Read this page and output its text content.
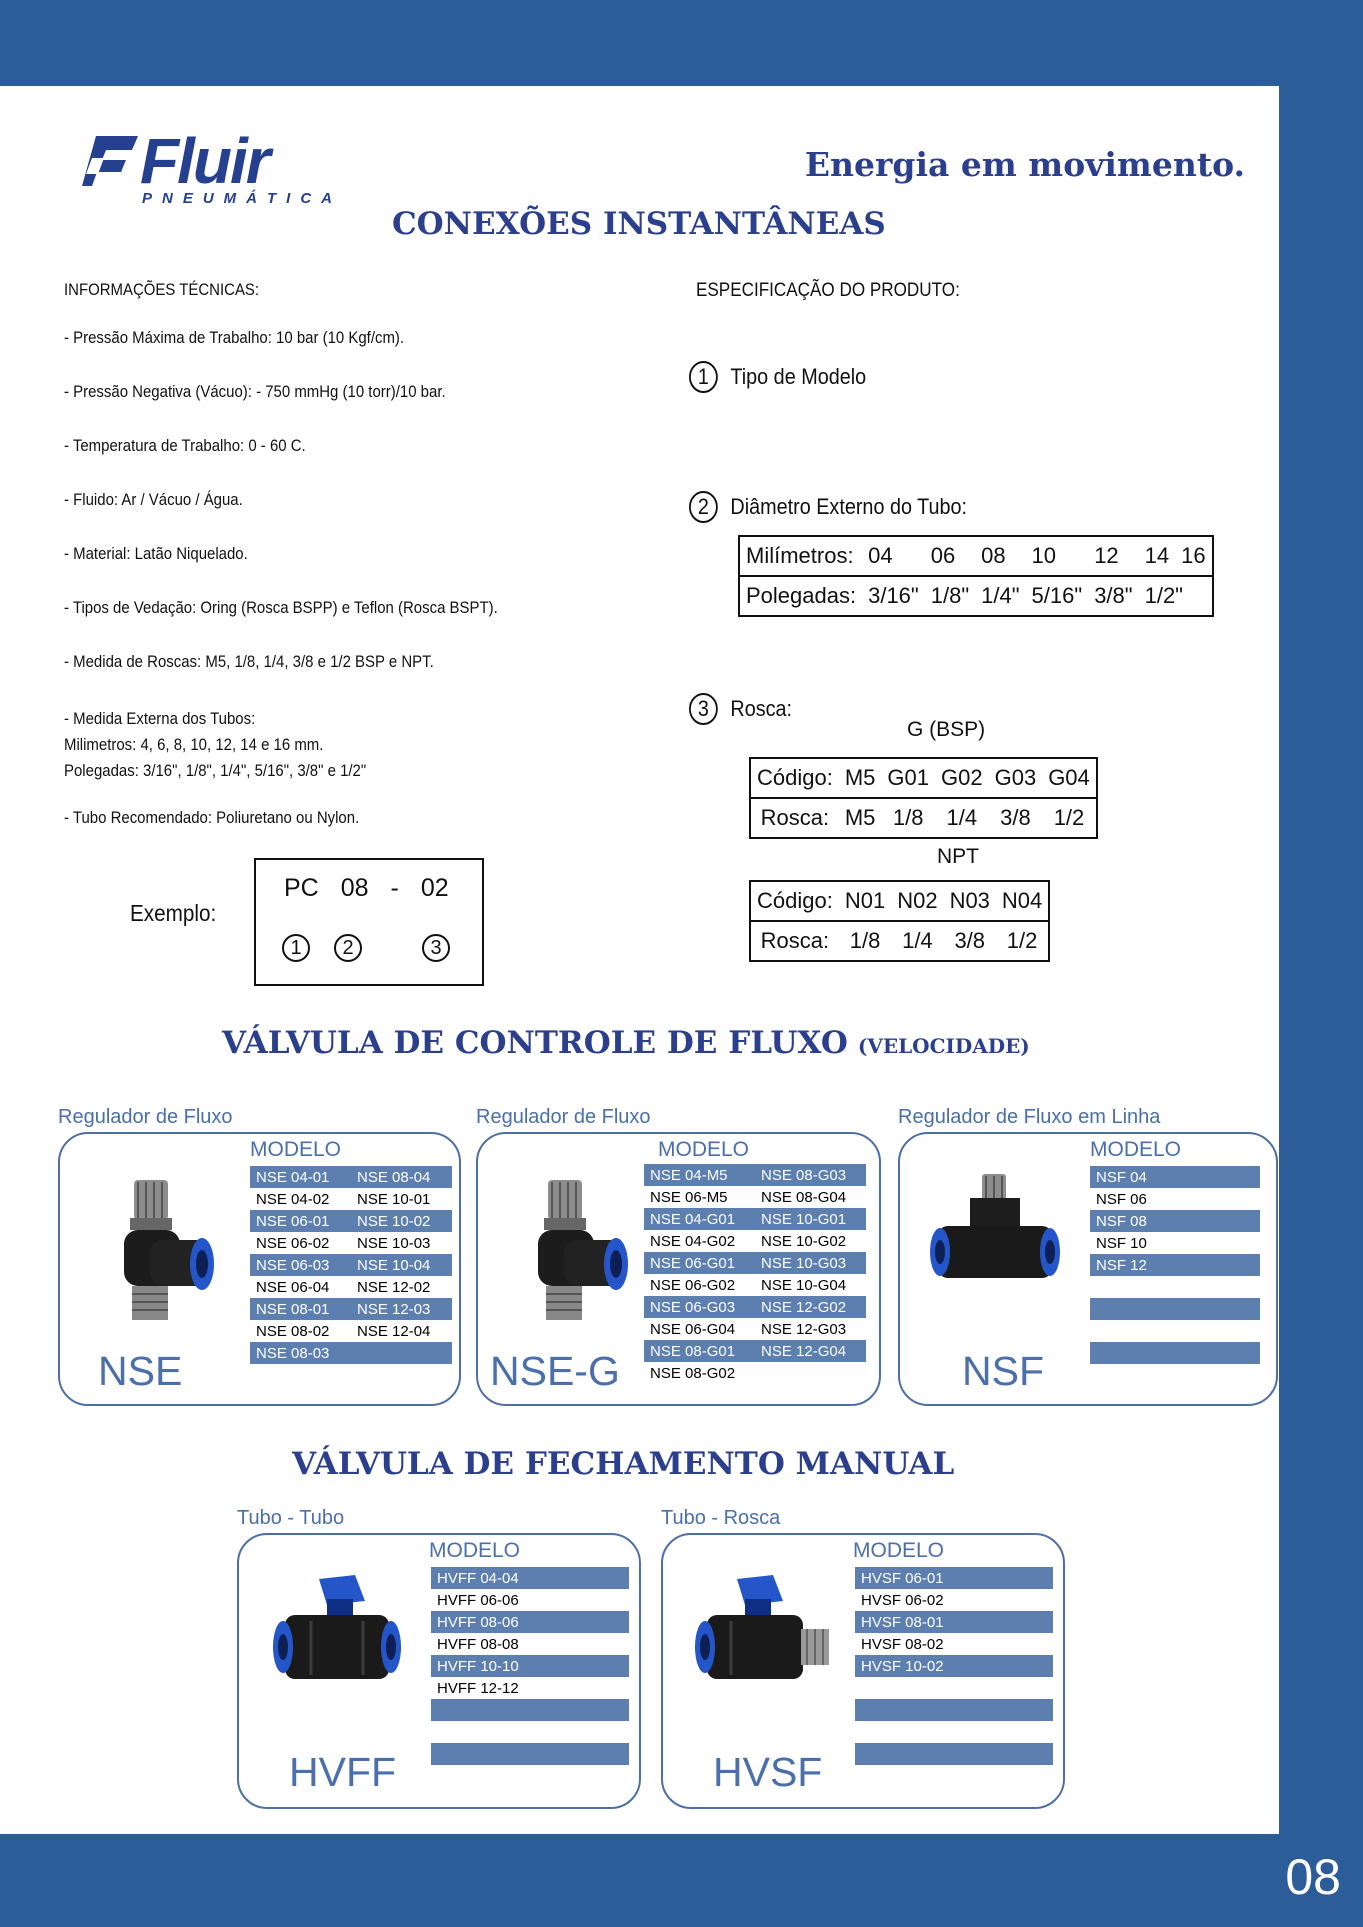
08
Fluir
PNEUMÁTICA
Energia em movimento.
CONEXÕES INSTANTÂNEAS
INFORMAÇÕES TÉCNICAS:
- Pressão Máxima de Trabalho: 10 bar (10 Kgf/cm).
- Pressão Negativa (Vácuo): - 750 mmHg (10 torr)/10 bar.
- Temperatura de Trabalho: 0 - 60 C.
- Fluido: Ar / Vácuo / Água.
- Material: Latão Niquelado.
- Tipos de Vedação: Oring (Rosca BSPP) e Teflon (Rosca BSPT).
- Medida de Roscas: M5, 1/8, 1/4, 3/8 e 1/2 BSP e NPT.
- Medida Externa dos Tubos:
Milimetros: 4, 6, 8, 10, 12, 14 e 16 mm.
Polegadas: 3/16", 1/8", 1/4", 5/16", 3/8" e 1/2"
- Tubo Recomendado: Poliuretano ou Nylon.
Exemplo:
PC 08 - 02
1	2	3
ESPECIFICAÇÃO DO PRODUTO:
1 Tipo de Modelo
2 Diâmetro Externo do Tubo:
Milímetros:	04	06	08	10	12	14	16
Polegadas:	3/16"	1/8"	1/4"	5/16"	3/8"	1/2"	
3 Rosca:
G (BSP)
Código:	M5	G01	G02	G03	G04
Rosca:	M5	1/8	1/4	3/8	1/2
NPT
Código:	N01	N02	N03	N04
Rosca:	1/8	1/4	3/8	1/2
VÁLVULA DE CONTROLE DE FLUXO (VELOCIDADE)
Regulador de Fluxo
MODELO
NSE
NSE 04-01	NSE 08-04
NSE 04-02	NSE 10-01
NSE 06-01	NSE 10-02
NSE 06-02	NSE 10-03
NSE 06-03	NSE 10-04
NSE 06-04	NSE 12-02
NSE 08-01	NSE 12-03
NSE 08-02	NSE 12-04
NSE 08-03
Regulador de Fluxo
MODELO
NSE-G
NSE 04-M5	NSE 08-G03
NSE 06-M5	NSE 08-G04
NSE 04-G01	NSE 10-G01
NSE 04-G02	NSE 10-G02
NSE 06-G01	NSE 10-G03
NSE 06-G02	NSE 10-G04
NSE 06-G03	NSE 12-G02
NSE 06-G04	NSE 12-G03
NSE 08-G01	NSE 12-G04
NSE 08-G02
Regulador de Fluxo em Linha
MODELO
NSF
NSF 04
NSF 06
NSF 08
NSF 10
NSF 12
VÁLVULA DE FECHAMENTO MANUAL
Tubo - Tubo
MODELO
HVFF
HVFF 04-04
HVFF 06-06
HVFF 08-06
HVFF 08-08
HVFF 10-10
HVFF 12-12
Tubo - Rosca
MODELO
HVSF
HVSF 06-01
HVSF 06-02
HVSF 08-01
HVSF 08-02
HVSF 10-02
